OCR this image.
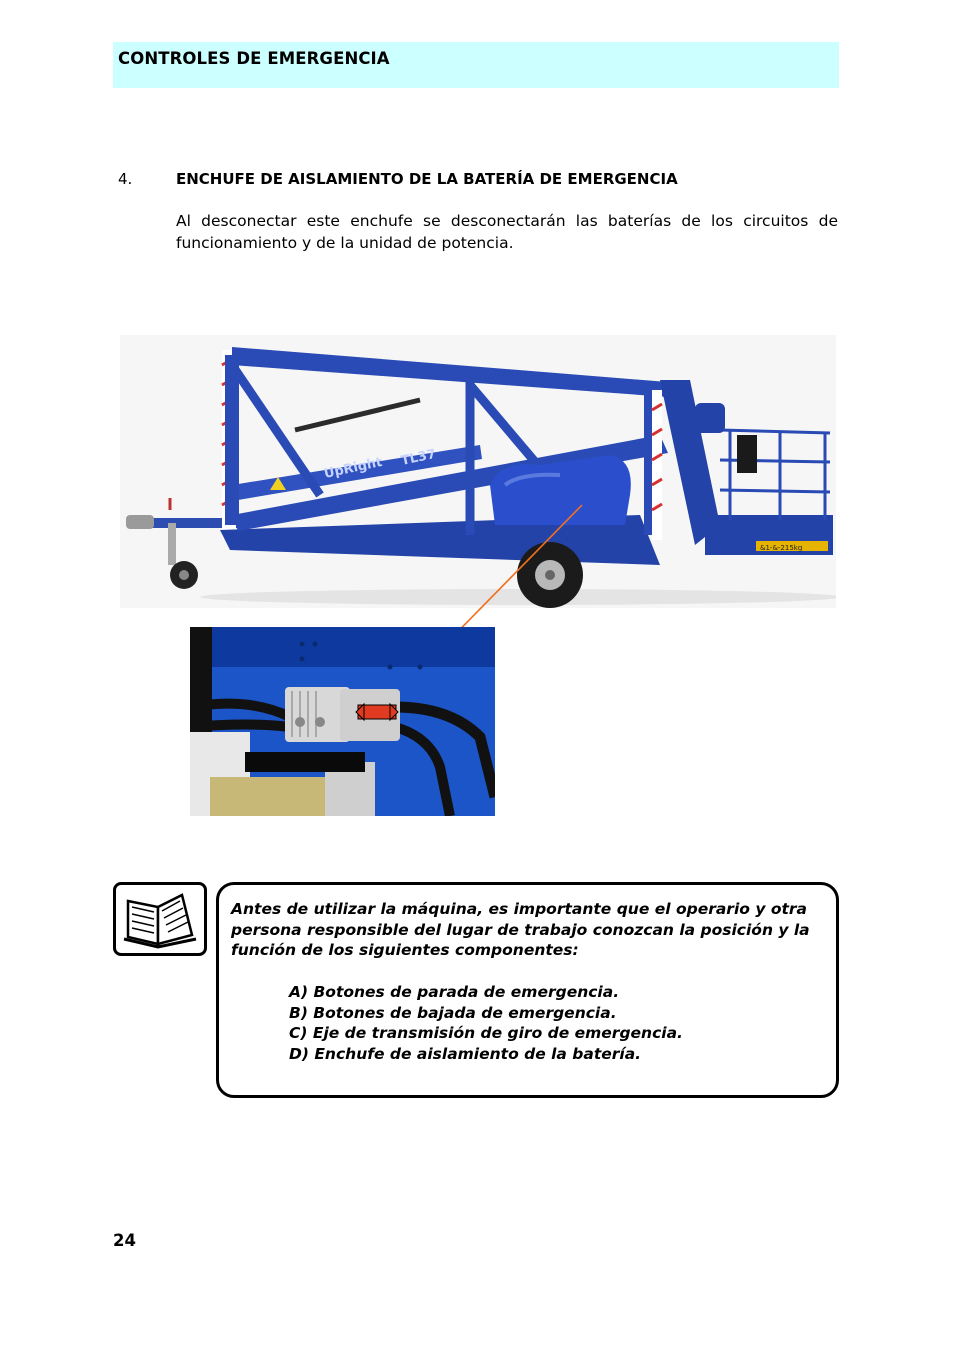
CONTROLES DE EMERGENCIA
4.	ENCHUFE DE AISLAMIENTO DE LA BATERÍA DE EMERGENCIA
Al desconectar este enchufe se desconectarán las baterías de los circuitos de funcionamiento y de la unidad de potencia.
UpRight TL37
&1-&-215kg
Antes de utilizar la máquina, es importante que el operario y otra persona responsible del lugar de trabajo conozcan la posición y la función de los siguientes componentes:
A) Botones de parada de emergencia.
B) Botones de bajada de emergencia.
C) Eje de transmisión de giro de emergencia.
D) Enchufe de aislamiento de la batería.
24
